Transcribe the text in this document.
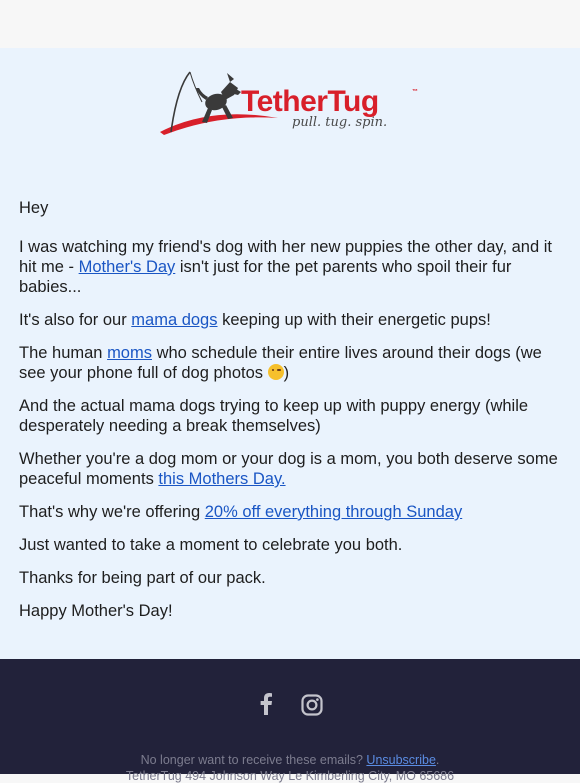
TetherTug	™
pull. tug. spin.

Hey

I was watching my friend's dog with her new puppies the other day, and it hit me - Mother's Day isn't just for the pet parents who spoil their fur babies...

It's also for our mama dogs keeping up with their energetic pups!

The human moms who schedule their entire lives around their dogs (we see your phone full of dog photos )

And the actual mama dogs trying to keep up with puppy energy (while desperately needing a break themselves)

Whether you're a dog mom or your dog is a mom, you both deserve some peaceful moments this Mothers Day.

That's why we're offering 20% off everything through Sunday

Just wanted to take a moment to celebrate you both.

Thanks for being part of our pack.

Happy Mother's Day!

No longer want to receive these emails? Unsubscribe.
TetherTug 494 Johnson Way Le Kimberling City, MO 65686
